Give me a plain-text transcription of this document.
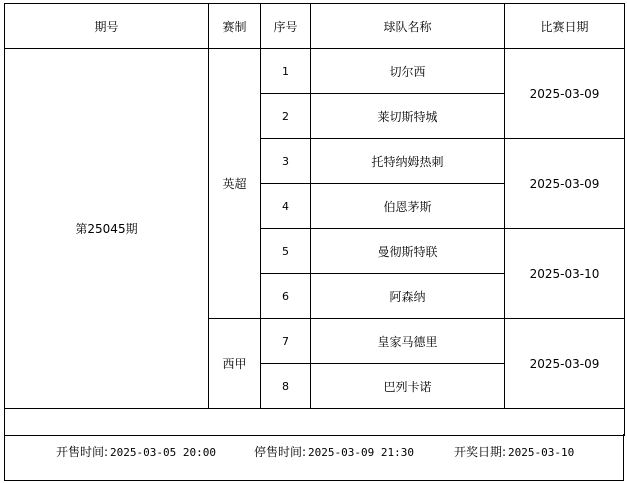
期号	赛制	序号	球队名称	比赛日期
第25045期	英超	1	切尔西	2025-03-09
		2	莱切斯特城	
		3	托特纳姆热刺	2025-03-09
		4	伯恩茅斯	
		5	曼彻斯特联	2025-03-10
		6	阿森纳	
	西甲	7	皇家马德里	2025-03-09
		8	巴列卡诺	

开售时间: 2025-03-05 20:00	停售时间: 2025-03-09 21:30	开奖日期: 2025-03-10
